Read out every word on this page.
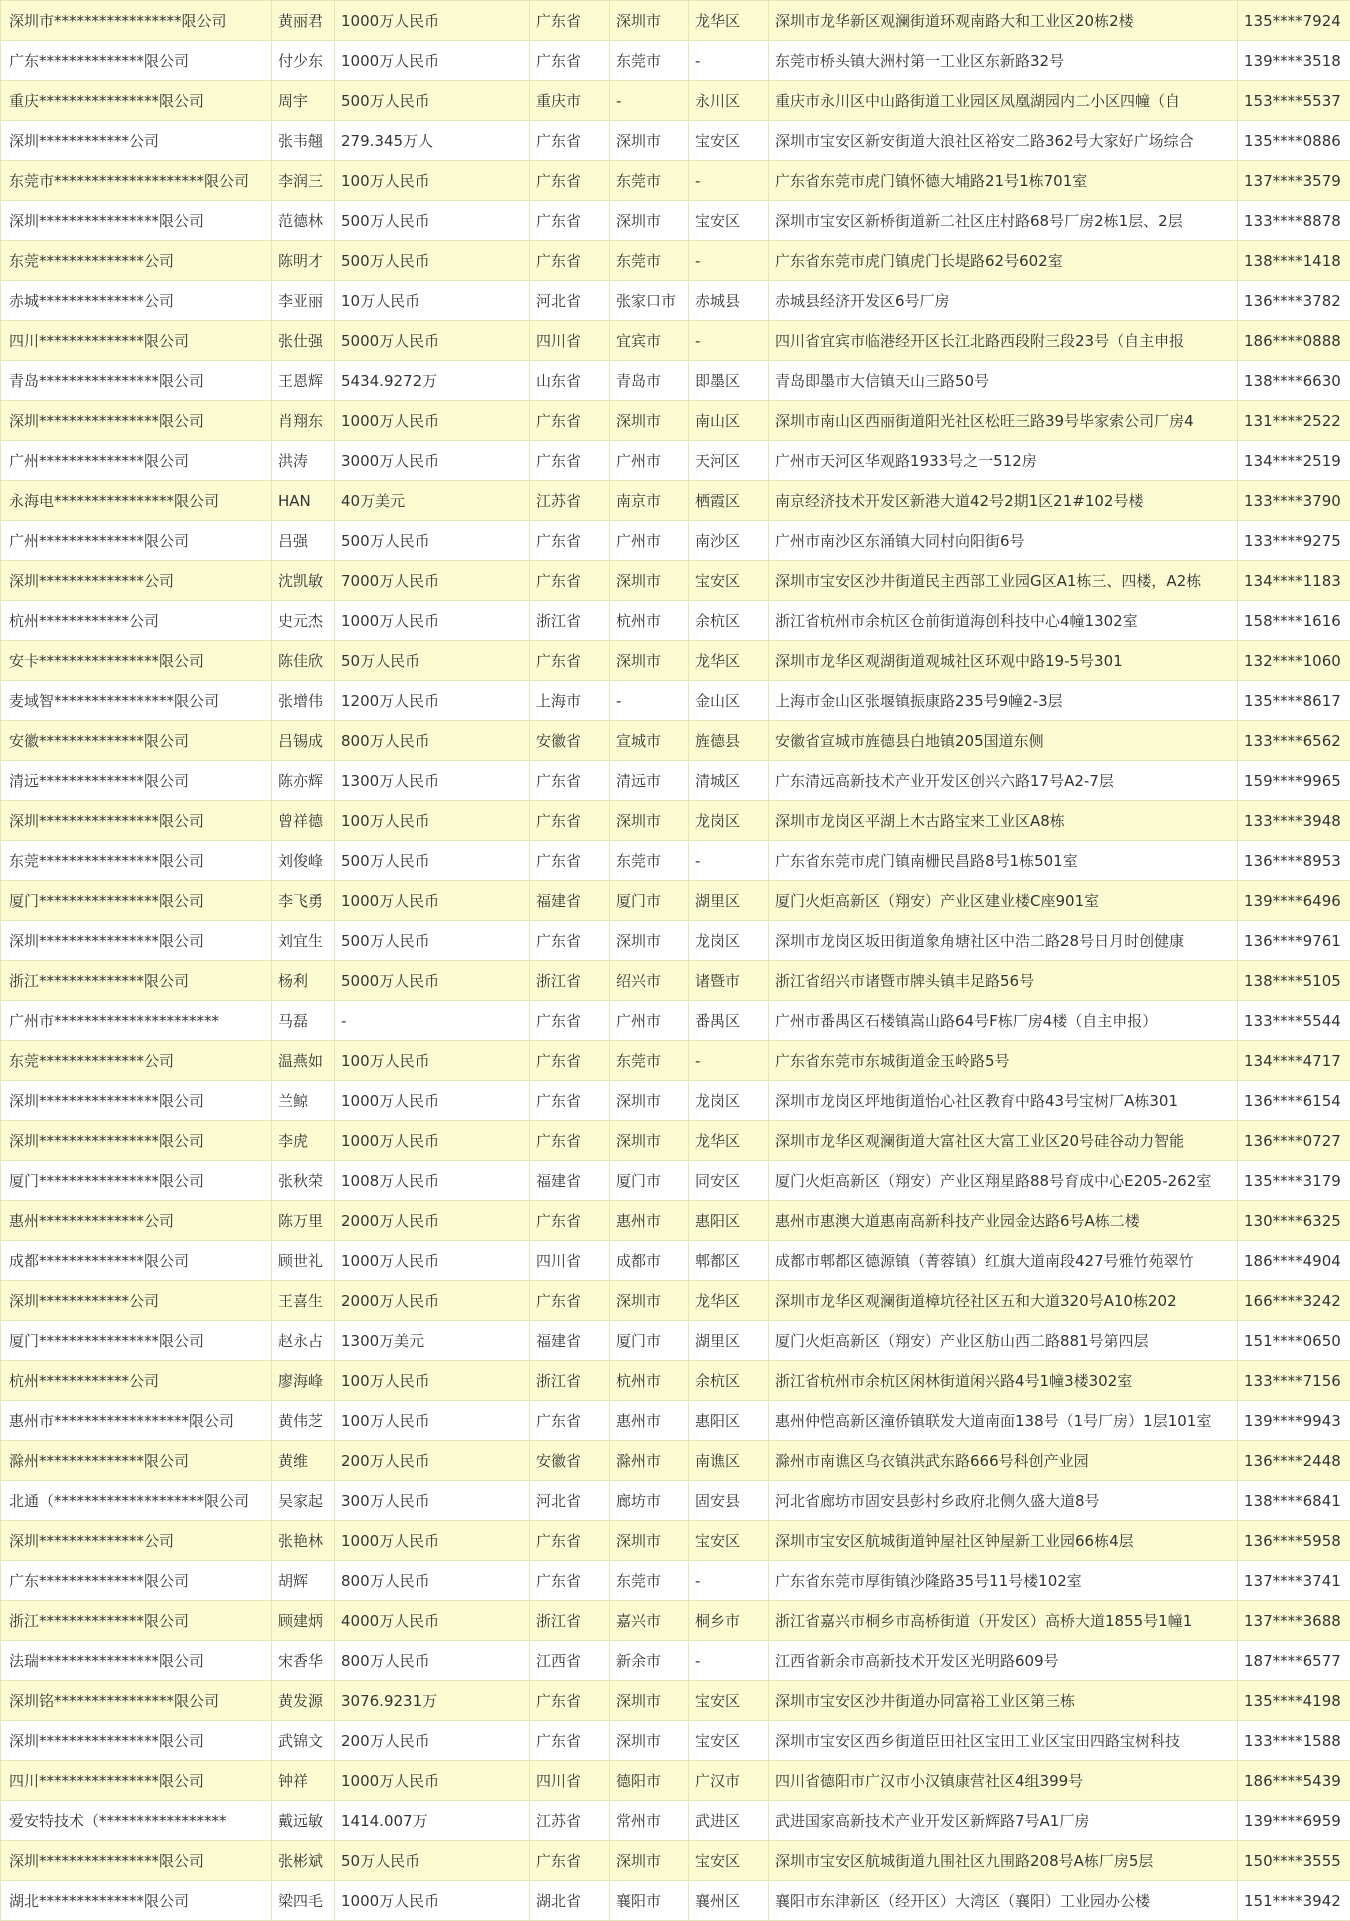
深圳市*****************限公司	黄丽君	1000万人民币	广东省	深圳市	龙华区	深圳市龙华新区观澜街道环观南路大和工业区20栋2楼	135****7924
广东**************限公司	付少东	1000万人民币	广东省	东莞市	-	东莞市桥头镇大洲村第一工业区东新路32号	139****3518
重庆****************限公司	周宇	500万人民币	重庆市	-	永川区	重庆市永川区中山路街道工业园区凤凰湖园内二小区四幢（自	153****5537
深圳************公司	张韦翹	279.345万人	广东省	深圳市	宝安区	深圳市宝安区新安街道大浪社区裕安二路362号大家好广场综合	135****0886
东莞市********************限公司	李润三	100万人民币	广东省	东莞市	-	广东省东莞市虎门镇怀德大埔路21号1栋701室	137****3579
深圳****************限公司	范德林	500万人民币	广东省	深圳市	宝安区	深圳市宝安区新桥街道新二社区庄村路68号厂房2栋1层、2层	133****8878
东莞**************公司	陈明才	500万人民币	广东省	东莞市	-	广东省东莞市虎门镇虎门长堤路62号602室	138****1418
赤城**************公司	李亚丽	10万人民币	河北省	张家口市	赤城县	赤城县经济开发区6号厂房	136****3782
四川**************限公司	张仕强	5000万人民币	四川省	宜宾市	-	四川省宜宾市临港经开区长江北路西段附三段23号（自主申报	186****0888
青岛****************限公司	王恩辉	5434.9272万	山东省	青岛市	即墨区	青岛即墨市大信镇天山三路50号	138****6630
深圳****************限公司	肖翔东	1000万人民币	广东省	深圳市	南山区	深圳市南山区西丽街道阳光社区松旺三路39号毕家索公司厂房4	131****2522
广州**************限公司	洪涛	3000万人民币	广东省	广州市	天河区	广州市天河区华观路1933号之一512房	134****2519
永海电****************限公司	HAN	40万美元	江苏省	南京市	栖霞区	南京经济技术开发区新港大道42号2期1区21#102号楼	133****3790
广州**************限公司	吕强	500万人民币	广东省	广州市	南沙区	广州市南沙区东涌镇大同村向阳街6号	133****9275
深圳**************公司	沈凯敏	7000万人民币	广东省	深圳市	宝安区	深圳市宝安区沙井街道民主西部工业园G区A1栋三、四楼，A2栋	134****1183
杭州************公司	史元杰	1000万人民币	浙江省	杭州市	余杭区	浙江省杭州市余杭区仓前街道海创科技中心4幢1302室	158****1616
安卡****************限公司	陈佳欣	50万人民币	广东省	深圳市	龙华区	深圳市龙华区观湖街道观城社区环观中路19-5号301	132****1060
麦域智****************限公司	张增伟	1200万人民币	上海市	-	金山区	上海市金山区张堰镇振康路235号9幢2-3层	135****8617
安徽**************限公司	吕锡成	800万人民币	安徽省	宣城市	旌德县	安徽省宣城市旌德县白地镇205国道东侧	133****6562
清远**************限公司	陈亦辉	1300万人民币	广东省	清远市	清城区	广东清远高新技术产业开发区创兴六路17号A2-7层	159****9965
深圳****************限公司	曾祥德	100万人民币	广东省	深圳市	龙岗区	深圳市龙岗区平湖上木古路宝来工业区A8栋	133****3948
东莞****************限公司	刘俊峰	500万人民币	广东省	东莞市	-	广东省东莞市虎门镇南栅民昌路8号1栋501室	136****8953
厦门****************限公司	李飞勇	1000万人民币	福建省	厦门市	湖里区	厦门火炬高新区（翔安）产业区建业楼C座901室	139****6496
深圳****************限公司	刘宜生	500万人民币	广东省	深圳市	龙岗区	深圳市龙岗区坂田街道象角塘社区中浩二路28号日月时创健康	136****9761
浙江**************限公司	杨利	5000万人民币	浙江省	绍兴市	诸暨市	浙江省绍兴市诸暨市牌头镇丰足路56号	138****5105
广州市**********************	马磊	-	广东省	广州市	番禺区	广州市番禺区石楼镇嵩山路64号F栋厂房4楼（自主申报）	133****5544
东莞**************公司	温燕如	100万人民币	广东省	东莞市	-	广东省东莞市东城街道金玉岭路5号	134****4717
深圳****************限公司	兰鲸	1000万人民币	广东省	深圳市	龙岗区	深圳市龙岗区坪地街道怡心社区教育中路43号宝树厂A栋301	136****6154
深圳****************限公司	李虎	1000万人民币	广东省	深圳市	龙华区	深圳市龙华区观澜街道大富社区大富工业区20号硅谷动力智能	136****0727
厦门****************限公司	张秋荣	1008万人民币	福建省	厦门市	同安区	厦门火炬高新区（翔安）产业区翔星路88号育成中心E205-262室	135****3179
惠州**************公司	陈万里	2000万人民币	广东省	惠州市	惠阳区	惠州市惠澳大道惠南高新科技产业园金达路6号A栋二楼	130****6325
成都**************限公司	顾世礼	1000万人民币	四川省	成都市	郫都区	成都市郫都区德源镇（菁蓉镇）红旗大道南段427号雅竹苑翠竹	186****4904
深圳************公司	王喜生	2000万人民币	广东省	深圳市	龙华区	深圳市龙华区观澜街道樟坑径社区五和大道320号A10栋202	166****3242
厦门****************限公司	赵永占	1300万美元	福建省	厦门市	湖里区	厦门火炬高新区（翔安）产业区舫山西二路881号第四层	151****0650
杭州************公司	廖海峰	100万人民币	浙江省	杭州市	余杭区	浙江省杭州市余杭区闲林街道闲兴路4号1幢3楼302室	133****7156
惠州市******************限公司	黄伟芝	100万人民币	广东省	惠州市	惠阳区	惠州仲恺高新区潼侨镇联发大道南面138号（1号厂房）1层101室	139****9943
滁州**************限公司	黄维	200万人民币	安徽省	滁州市	南谯区	滁州市南谯区乌衣镇洪武东路666号科创产业园	136****2448
北通（********************限公司	吴家起	300万人民币	河北省	廊坊市	固安县	河北省廊坊市固安县彭村乡政府北侧久盛大道8号	138****6841
深圳**************公司	张艳林	1000万人民币	广东省	深圳市	宝安区	深圳市宝安区航城街道钟屋社区钟屋新工业园66栋4层	136****5958
广东**************限公司	胡辉	800万人民币	广东省	东莞市	-	广东省东莞市厚街镇沙隆路35号11号楼102室	137****3741
浙江**************限公司	顾建炳	4000万人民币	浙江省	嘉兴市	桐乡市	浙江省嘉兴市桐乡市高桥街道（开发区）高桥大道1855号1幢1	137****3688
法瑞****************限公司	宋香华	800万人民币	江西省	新余市	-	江西省新余市高新技术开发区光明路609号	187****6577
深圳铭****************限公司	黄发源	3076.9231万	广东省	深圳市	宝安区	深圳市宝安区沙井街道办同富裕工业区第三栋	135****4198
深圳****************限公司	武锦文	200万人民币	广东省	深圳市	宝安区	深圳市宝安区西乡街道臣田社区宝田工业区宝田四路宝树科技	133****1588
四川****************限公司	钟祥	1000万人民币	四川省	德阳市	广汉市	四川省德阳市广汉市小汉镇康营社区4组399号	186****5439
爱安特技术（*****************	戴远敏	1414.007万	江苏省	常州市	武进区	武进国家高新技术产业开发区新辉路7号A1厂房	139****6959
深圳****************限公司	张彬斌	50万人民币	广东省	深圳市	宝安区	深圳市宝安区航城街道九围社区九围路208号A栋厂房5层	150****3555
湖北**************限公司	梁四毛	1000万人民币	湖北省	襄阳市	襄州区	襄阳市东津新区（经开区）大湾区（襄阳）工业园办公楼	151****3942
